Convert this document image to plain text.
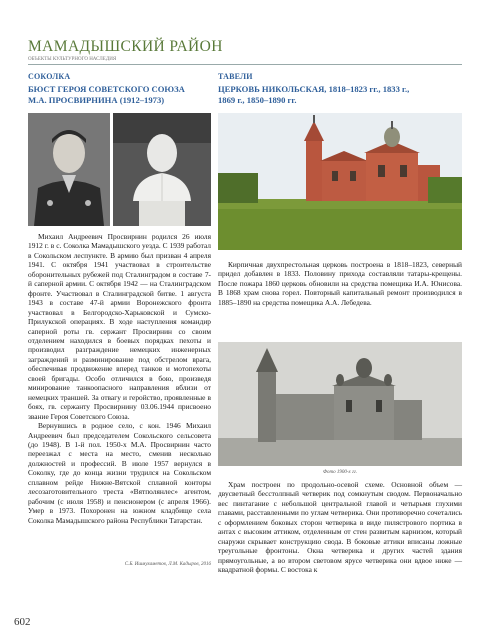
МАМАДЫШСКИЙ РАЙОН
ОБЪЕКТЫ КУЛЬТУРНОГО НАСЛЕДИЯ
СОКОЛКА
БЮСТ ГЕРОЯ СОВЕТСКОГО СОЮЗА
М.А. ПРОСВИРНИНА (1912–1973)

Михаил Андреевич Просвирнин родился 26 июля 1912 г. в с. Соколка Мамадышского уезда. С 1939 работал в Сокольском леспункте. В армию был призван 4 апреля 1941. С октября 1941 участвовал в строительстве оборонительных рубежей под Сталинградом в составе 7-й саперной армии. С октября 1942 — на Сталинградском фронте. Участвовал в Сталинградской битве. 1 августа 1943 в составе 47-й армии Воронежского фронта участвовал в Белгородско-Харьковской и Сумско-Прилукской операциях. В ходе наступления командир саперной роты гв. сержант Просвирнин со своим отделением находился в боевых порядках пехоты и производил разграждение немецких инженерных заграждений и разминирование под обстрелом врага, обеспечивая продвижение вперед танков и мотопехоты своей бригады. Особо отличился в бою, произведя минирование танкоопасного направления вблизи от немецких траншей. За отвагу и геройство, проявленные в боях, гв. сержанту Просвирнину 03.06.1944 присвоено звание Героя Советского Союза.

Вернувшись в родное село, с кон. 1946 Михаил Андреевич был председателем Сокольского сельсовета (до 1948). В 1-й пол. 1950-х М.А. Просвирнин часто переезжал с места на место, сменив несколько должностей и профессий. В июле 1957 вернулся в Соколку, где до конца жизни трудился на Сокольском сплавном рейде Нижне-Вятской сплавной конторы лесозаготовительного треста «Вятполянлес» агентом, рабочим (с июля 1958) и пенсионером (с апреля 1966). Умер в 1973. Похоронен на южном кладбище села Соколка Мамадышского района Республики Татарстан.

С.Б. Ишмухаметов, Л.М. Кадыров, 2016
ТАВЕЛИ
ЦЕРКОВЬ НИКОЛЬСКАЯ, 1818–1823 гг., 1833 г.,
1869 г., 1850–1890 гг.

Кирпичная двухпрестольная церковь построена в 1818–1823, северный придел добавлен в 1833. Половину прихода составляли татары-крещены. После пожара 1860 церковь обновили на средства помещика И.А. Юнисова. В 1868 храм снова горел. Повторный капитальный ремонт производился в 1885–1890 на средства помещика А.А. Лебедева.

Фото 1900-х гг.

Храм построен по продольно-осевой схеме. Основной объем — двусветный бесстолпный четверик под сомкнутым сводом. Первоначально вес пинтагание с небольшой центральной главой и четырьмя глухими главами, расставленными по углам четверика. Они противоречно сочетались с оформлением боковых сторон четверика в виде пилястрового портика в антах с высоким аттиком, отделенным от стен развитым карнизом, который снаружи скрывает конструкцию свода. В боковые аттики вписаны ложные треугольные фронтоны. Окна четверика и других частей здания прямоугольные, а во втором световом ярусе четверика они вдвое ниже — квадратной формы. С востока к

602
